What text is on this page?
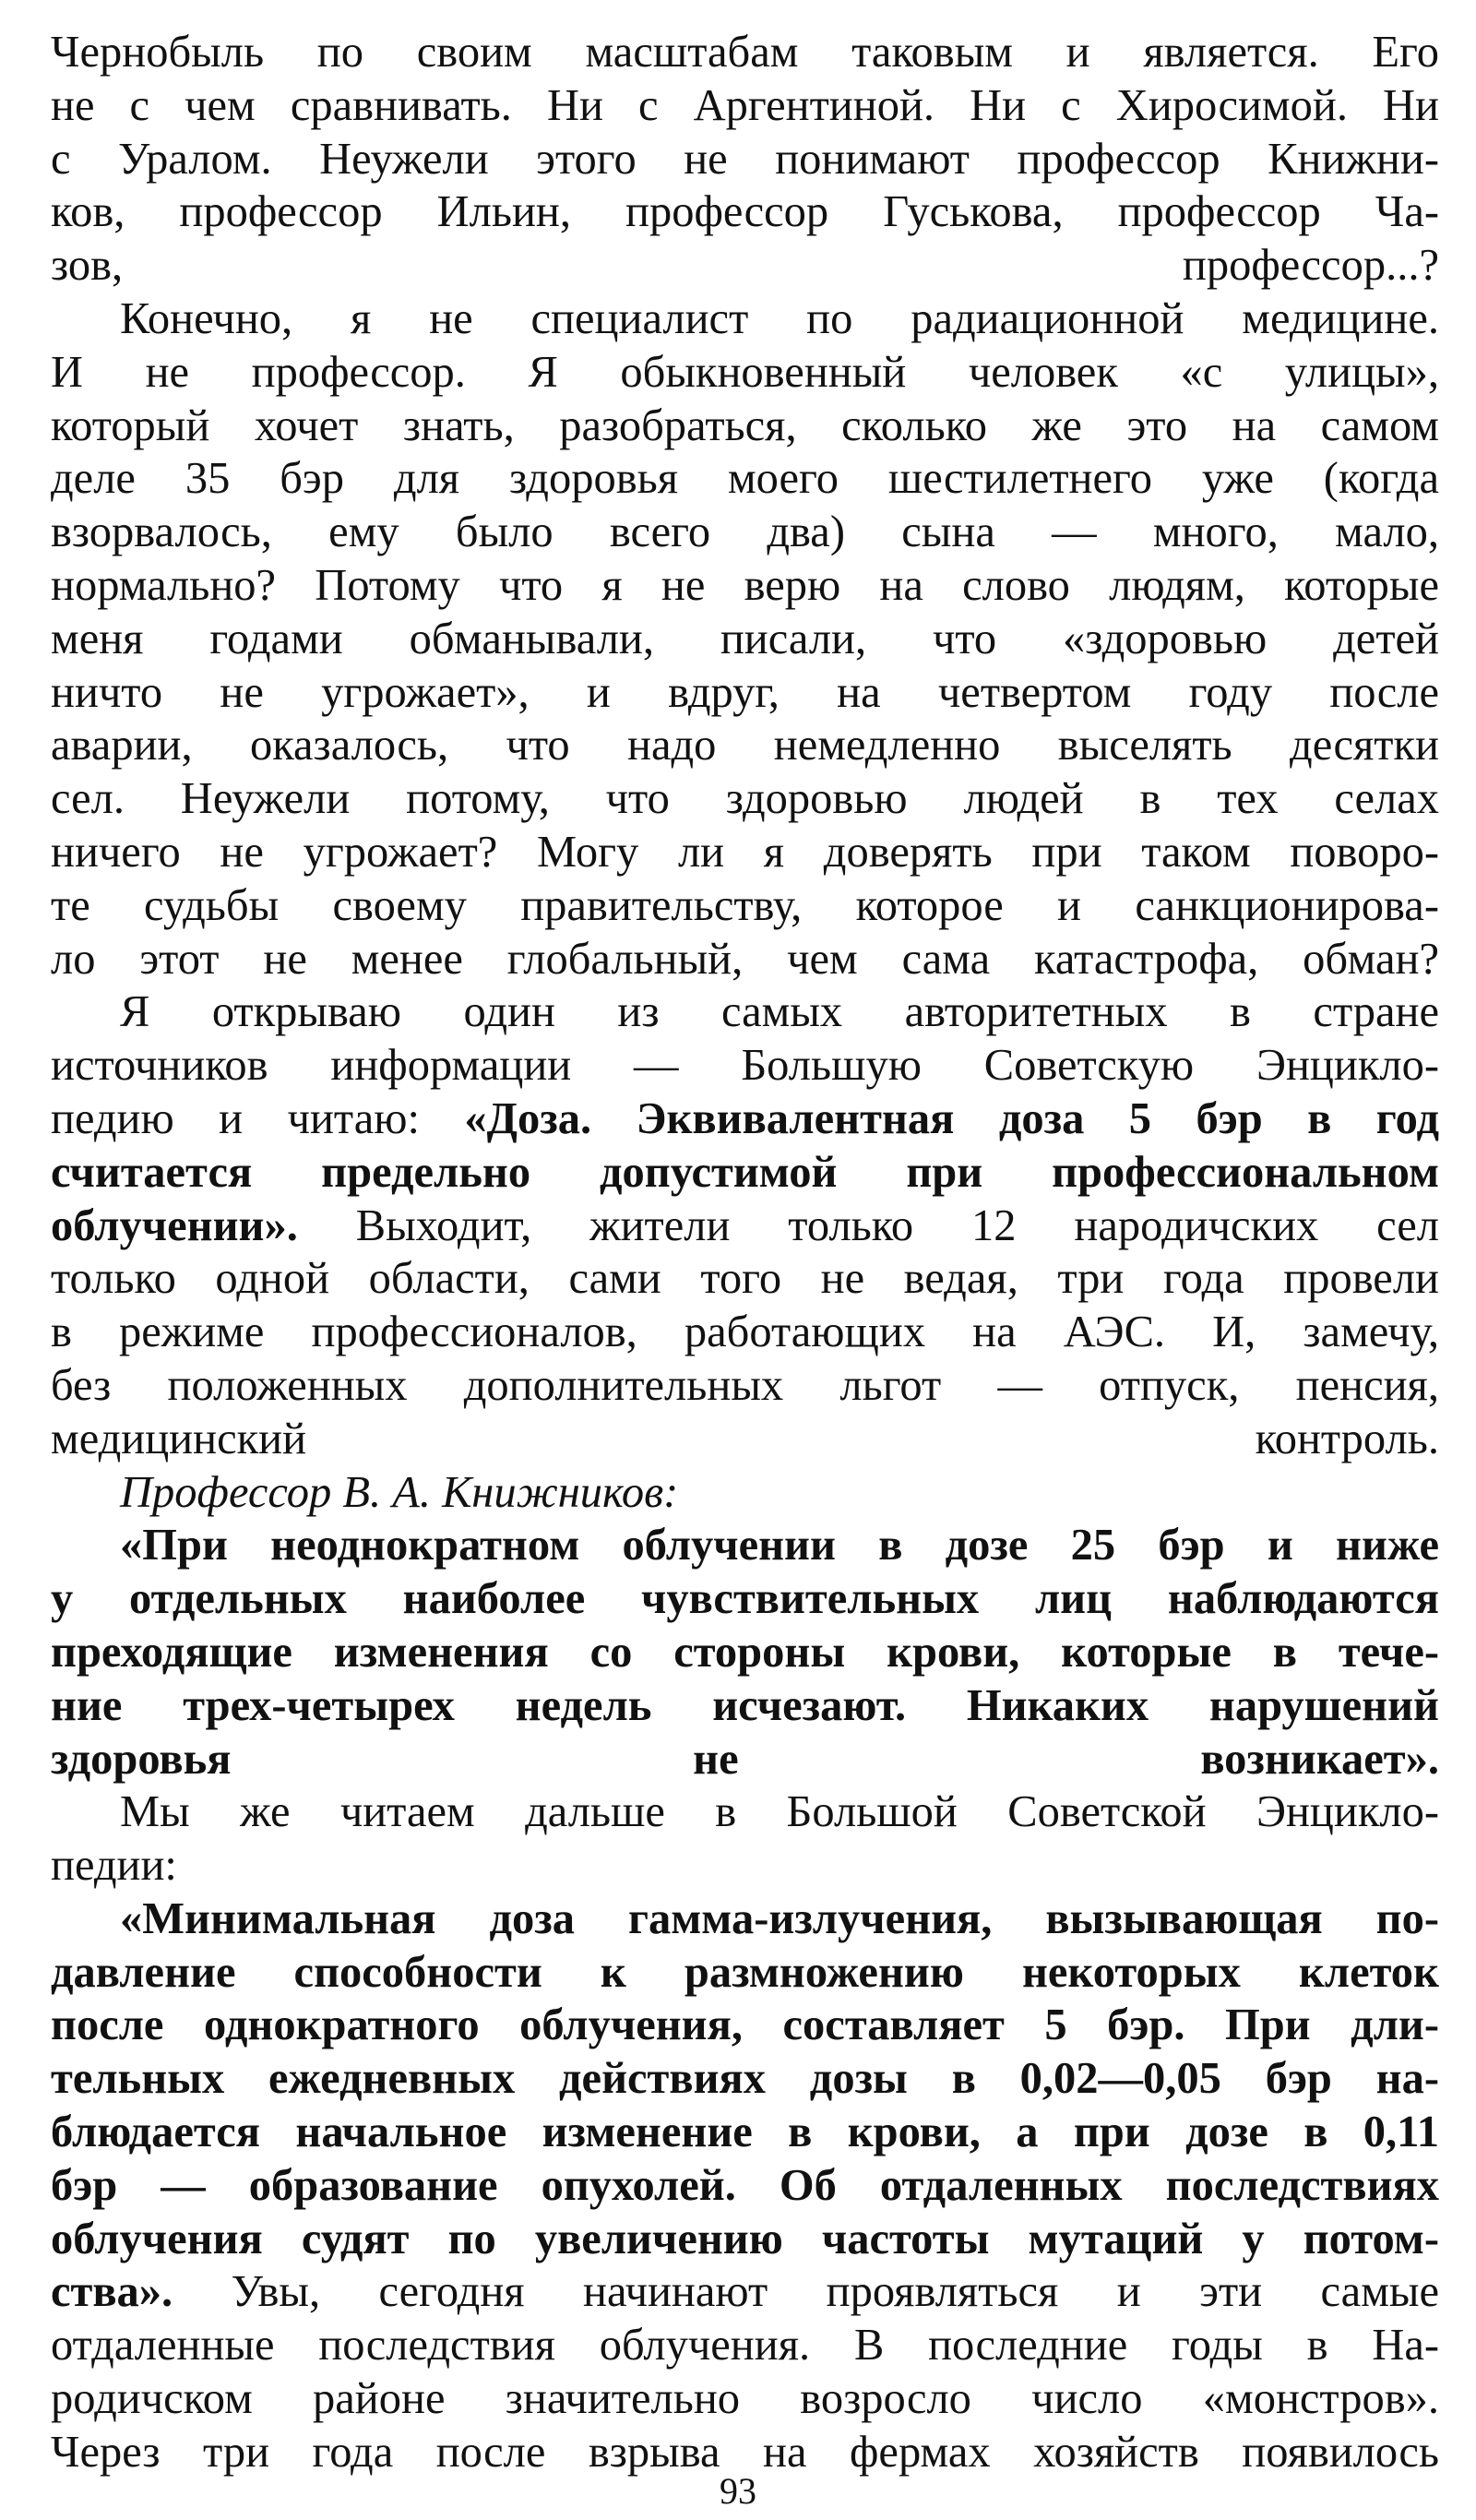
Чернобыль по своим масштабам таковым и является. Его
не с чем сравнивать. Ни с Аргентиной. Ни с Хиросимой. Ни
с Уралом. Неужели этого не понимают профессор Книжни-
ков, профессор Ильин, профессор Гуськова, профессор Ча-
зов, профессор...?

Конечно, я не специалист по радиационной медицине.
И не профессор. Я обыкновенный человек «с улицы»,
который хочет знать, разобраться, сколько же это на самом
деле 35 бэр для здоровья моего шестилетнего уже (когда
взорвалось, ему было всего два) сына — много, мало,
нормально? Потому что я не верю на слово людям, которые
меня годами обманывали, писали, что «здоровью детей
ничто не угрожает», и вдруг, на четвертом году после
аварии, оказалось, что надо немедленно выселять десятки
сел. Неужели потому, что здоровью людей в тех селах
ничего не угрожает? Могу ли я доверять при таком поворо-
те судьбы своему правительству, которое и санкционирова-
ло этот не менее глобальный, чем сама катастрофа, обман?

Я открываю один из самых авторитетных в стране
источников информации — Большую Советскую Энцикло-
педию и читаю: «Доза. Эквивалентная доза 5 бэр в год
считается предельно допустимой при профессиональном
облучении». Выходит, жители только 12 народичских сел
только одной области, сами того не ведая, три года провели
в режиме профессионалов, работающих на АЭС. И, замечу,
без положенных дополнительных льгот — отпуск, пенсия,
медицинский контроль.

Профессор В. А. Книжников:

«При неоднократном облучении в дозе 25 бэр и ниже
у отдельных наиболее чувствительных лиц наблюдаются
преходящие изменения со стороны крови, которые в тече-
ние трех-четырех недель исчезают. Никаких нарушений
здоровья не возникает».

Мы же читаем дальше в Большой Советской Энцикло-
педии:

«Минимальная доза гамма-излучения, вызывающая по-
давление способности к размножению некоторых клеток
после однократного облучения, составляет 5 бэр. При дли-
тельных ежедневных действиях дозы в 0,02—0,05 бэр на-
блюдается начальное изменение в крови, а при дозе в 0,11
бэр — образование опухолей. Об отдаленных последствиях
облучения судят по увеличению частоты мутаций у потом-
ства». Увы, сегодня начинают проявляться и эти самые
отдаленные последствия облучения. В последние годы в На-
родичском районе значительно возросло число «монстров».
Через три года после взрыва на фермах хозяйств появилось

93
